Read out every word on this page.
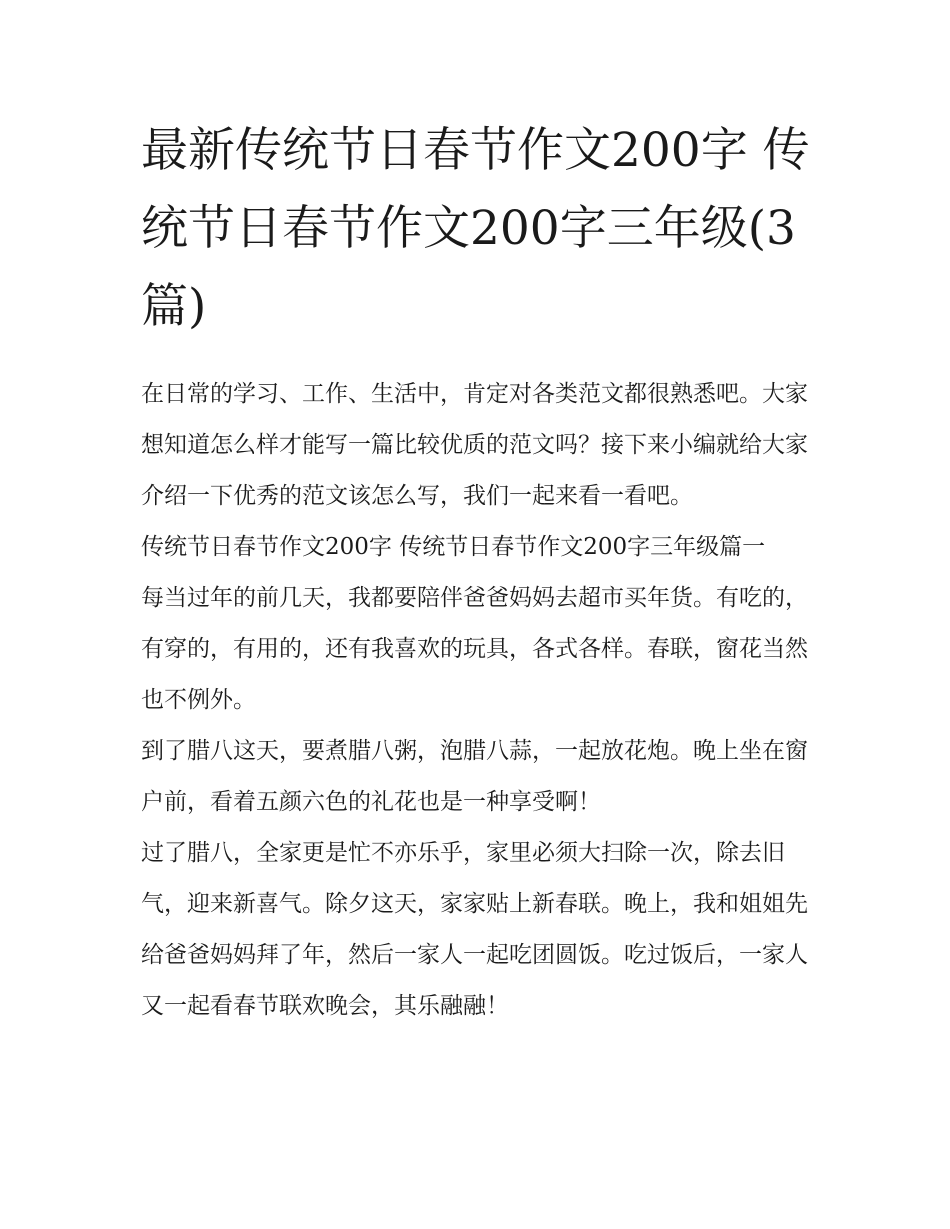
最新传统节日春节作文200字 传统节日春节作文200字三年级(3篇)

在日常的学习、工作、生活中，肯定对各类范文都很熟悉吧。大家想知道怎么样才能写一篇比较优质的范文吗？接下来小编就给大家介绍一下优秀的范文该怎么写，我们一起来看一看吧。

传统节日春节作文200字 传统节日春节作文200字三年级篇一

每当过年的前几天，我都要陪伴爸爸妈妈去超市买年货。有吃的，有穿的，有用的，还有我喜欢的玩具，各式各样。春联，窗花当然也不例外。

到了腊八这天，要煮腊八粥，泡腊八蒜，一起放花炮。晚上坐在窗户前，看着五颜六色的礼花也是一种享受啊！

过了腊八，全家更是忙不亦乐乎，家里必须大扫除一次，除去旧气，迎来新喜气。除夕这天，家家贴上新春联。晚上，我和姐姐先给爸爸妈妈拜了年，然后一家人一起吃团圆饭。吃过饭后，一家人又一起看春节联欢晚会，其乐融融！
